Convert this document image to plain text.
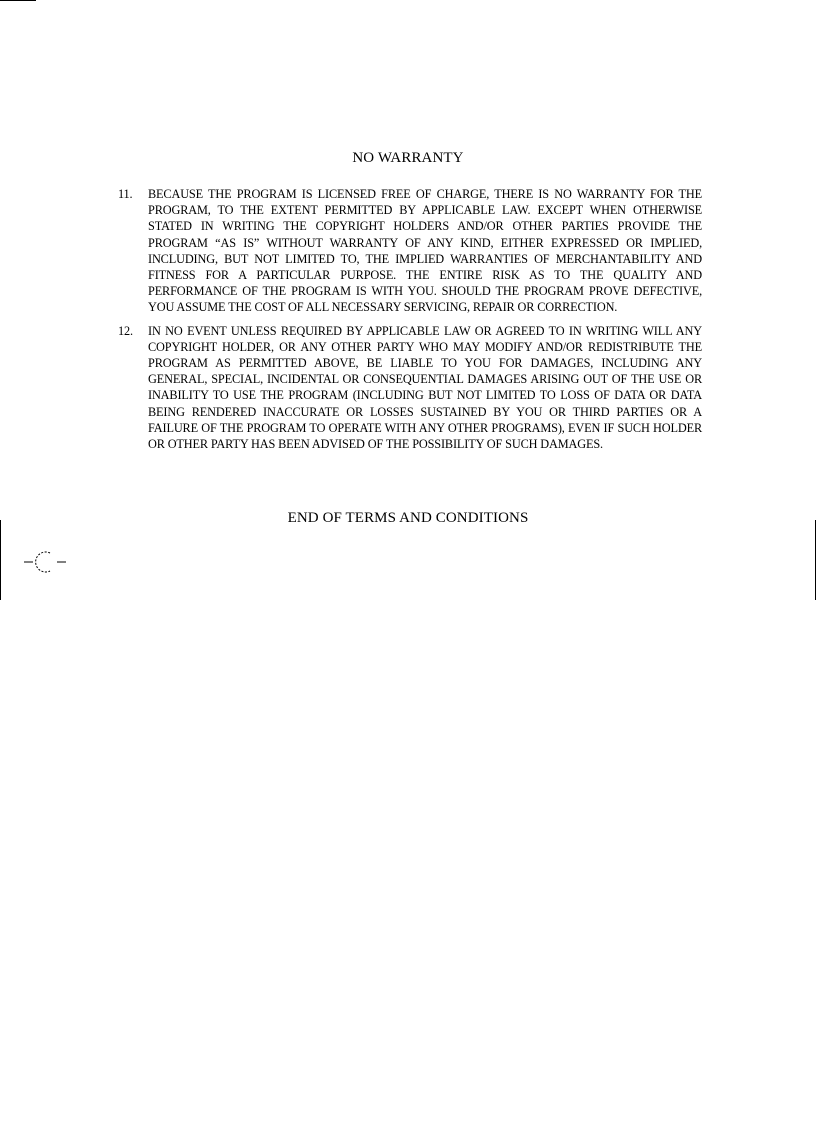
NO WARRANTY
11. BECAUSE THE PROGRAM IS LICENSED FREE OF CHARGE, THERE IS NO WARRANTY FOR THE PROGRAM, TO THE EXTENT PERMITTED BY APPLICABLE LAW. EXCEPT WHEN OTHERWISE STATED IN WRITING THE COPYRIGHT HOLDERS AND/OR OTHER PARTIES PROVIDE THE PROGRAM “AS IS” WITHOUT WARRANTY OF ANY KIND, EITHER EXPRESSED OR IMPLIED, INCLUDING, BUT NOT LIMITED TO, THE IMPLIED WARRANTIES OF MERCHANTABILITY AND FITNESS FOR A PARTICULAR PURPOSE. THE ENTIRE RISK AS TO THE QUALITY AND PERFORMANCE OF THE PROGRAM IS WITH YOU. SHOULD THE PROGRAM PROVE DEFECTIVE, YOU ASSUME THE COST OF ALL NECESSARY SERVICING, REPAIR OR CORRECTION.
12. IN NO EVENT UNLESS REQUIRED BY APPLICABLE LAW OR AGREED TO IN WRITING WILL ANY COPYRIGHT HOLDER, OR ANY OTHER PARTY WHO MAY MODIFY AND/OR REDISTRIBUTE THE PROGRAM AS PERMITTED ABOVE, BE LIABLE TO YOU FOR DAMAGES, INCLUDING ANY GENERAL, SPECIAL, INCIDENTAL OR CONSEQUENTIAL DAMAGES ARISING OUT OF THE USE OR INABILITY TO USE THE PROGRAM (INCLUDING BUT NOT LIMITED TO LOSS OF DATA OR DATA BEING RENDERED INACCURATE OR LOSSES SUSTAINED BY YOU OR THIRD PARTIES OR A FAILURE OF THE PROGRAM TO OPERATE WITH ANY OTHER PROGRAMS), EVEN IF SUCH HOLDER OR OTHER PARTY HAS BEEN ADVISED OF THE POSSIBILITY OF SUCH DAMAGES.
END OF TERMS AND CONDITIONS
